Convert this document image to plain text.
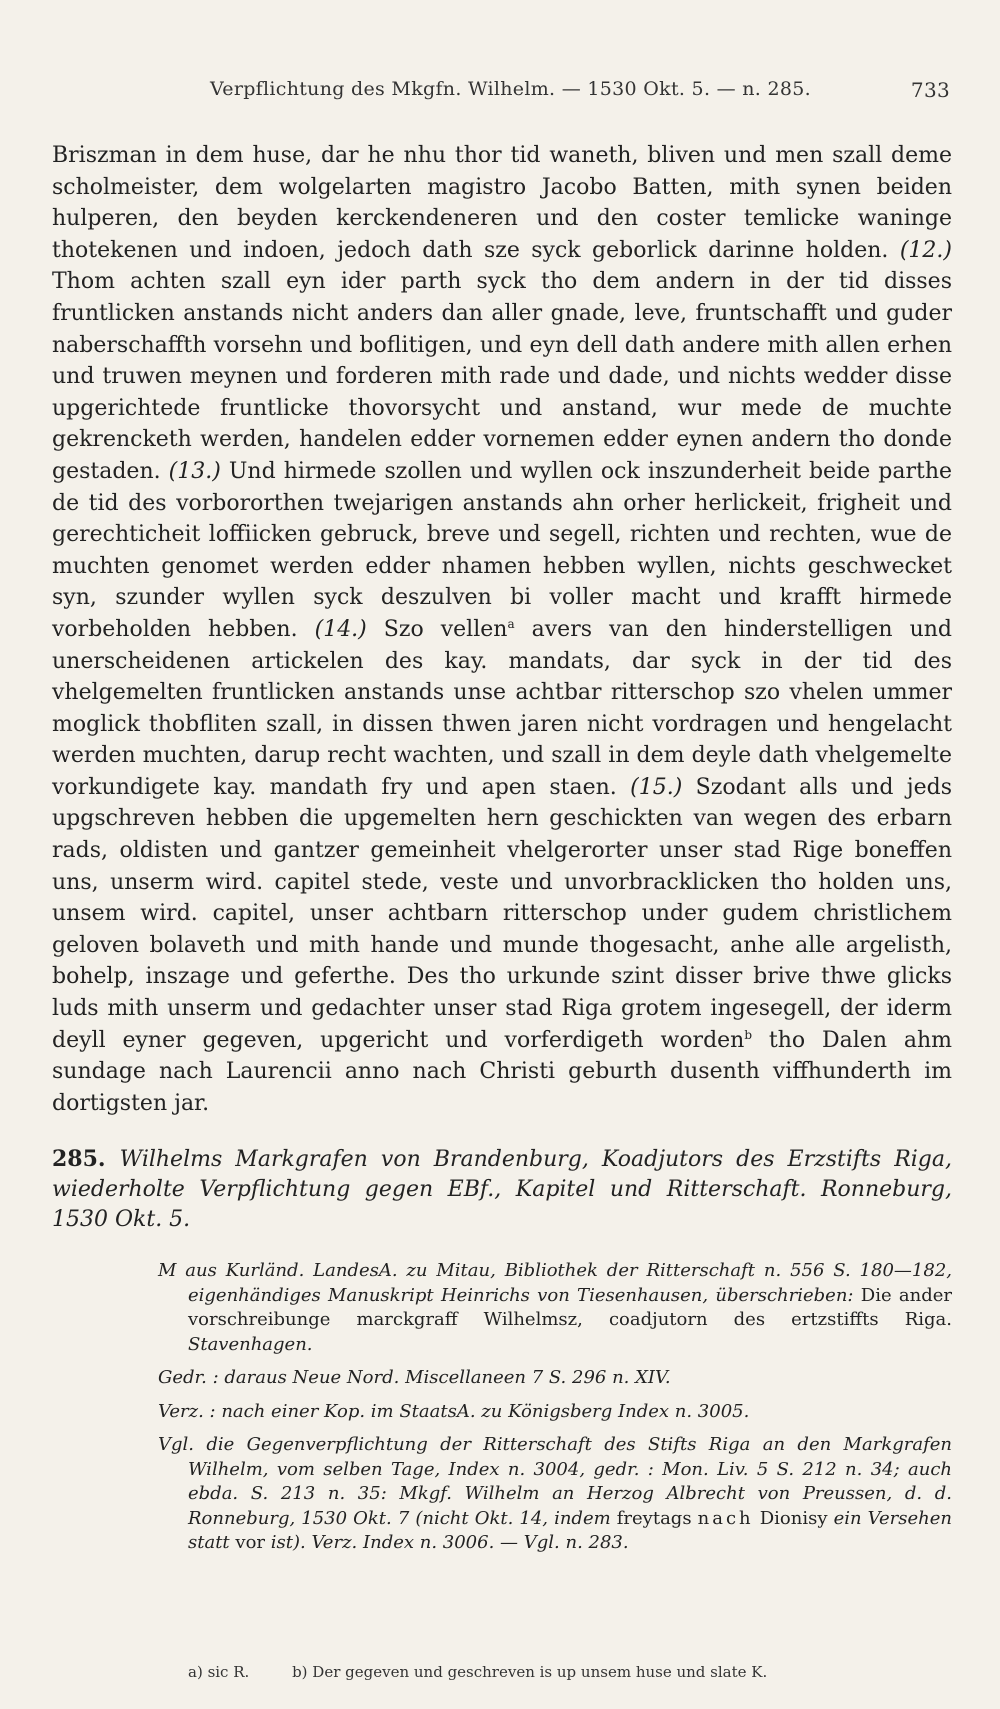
Verpflichtung des Mkgfn. Wilhelm. — 1530 Okt. 5. — n. 285.	733

Briszman in dem huse, dar he nhu thor tid waneth, bliven und men szall deme scholmeister, dem wolgelarten magistro Jacobo Batten, mith synen beiden hulperen, den beyden kerckendeneren und den coster temlicke waninge thotekenen und indoen, jedoch dath sze syck geborlick darinne holden. (12.) Thom achten szall eyn ider parth syck tho dem andern in der tid disses fruntlicken anstands nicht anders dan aller gnade, leve, fruntschafft und guder naberschaffth vorsehn und boflitigen, und eyn dell dath andere mith allen erhen und truwen meynen und forderen mith rade und dade, und nichts wedder disse upgerichtede fruntlicke thovorsycht und anstand, wur mede de muchte gekrencketh werden, handelen edder vornemen edder eynen andern tho donde gestaden. (13.) Und hirmede szollen und wyllen ock inszunderheit beide parthe de tid des vorbororthen twejarigen anstands ahn orher herlickeit, frigheit und gerechticheit loffiicken gebruck, breve und segell, richten und rechten, wue de muchten genomet werden edder nhamen hebben wyllen, nichts geschwecket syn, szunder wyllen syck deszulven bi voller macht und krafft hirmede vorbeholden hebben. (14.) Szo vellen$^a$ avers van den hinderstelligen und unerscheidenen artickelen des kay. mandats, dar syck in der tid des vhelgemelten fruntlicken anstands unse achtbar ritterschop szo vhelen ummer moglick thobfliten szall, in dissen thwen jaren nicht vordragen und hengelacht werden muchten, darup recht wachten, und szall in dem deyle dath vhelgemelte vorkundigete kay. mandath fry und apen staen. (15.) Szodant alls und jeds upgschreven hebben die upgemelten hern geschickten van wegen des erbarn rads, oldisten und gantzer gemeinheit vhelgerorter unser stad Rige boneffen uns, unserm wird. capitel stede, veste und unvorbracklicken tho holden uns, unsem wird. capitel, unser achtbarn ritterschop under gudem christlichem geloven bolaveth und mith hande und munde thogesacht, anhe alle argelisth, bohelp, inszage und geferthe. Des tho urkunde szint disser brive thwe glicks luds mith unserm und gedachter unser stad Riga grotem ingesegell, der iderm deyll eyner gegeven, upgericht und vorferdigeth worden$^b$ tho Dalen ahm sundage nach Laurencii anno nach Christi geburth dusenth viffhunderth im dortigsten jar.

285. Wilhelms Markgrafen von Brandenburg, Koadjutors des Erzstifts Riga, wiederholte Verpflichtung gegen EBf., Kapitel und Ritterschaft. Ronneburg, 1530 Okt. 5.

M aus Kurländ. LandesA. zu Mitau, Bibliothek der Ritterschaft n. 556 S. 180—182, eigenhändiges Manuskript Heinrichs von Tiesenhausen, überschrieben: Die ander vorschreibunge marckgraff Wilhelmsz, coadjutorn des ertzstiffts Riga. Stavenhagen.

Gedr. : daraus Neue Nord. Miscellaneen 7 S. 296 n. XIV.

Verz. : nach einer Kop. im StaatsA. zu Königsberg Index n. 3005.

Vgl. die Gegenverpflichtung der Ritterschaft des Stifts Riga an den Markgrafen Wilhelm, vom selben Tage, Index n. 3004, gedr. : Mon. Liv. 5 S. 212 n. 34; auch ebda. S. 213 n. 35: Mkgf. Wilhelm an Herzog Albrecht von Preussen, d. d. Ronneburg, 1530 Okt. 7 (nicht Okt. 14, indem freytags nach Dionisy ein Versehen statt vor ist). Verz. Index n. 3006. — Vgl. n. 283.

a) sic R.	b) Der gegeven und geschreven is up unsem huse und slate K.
